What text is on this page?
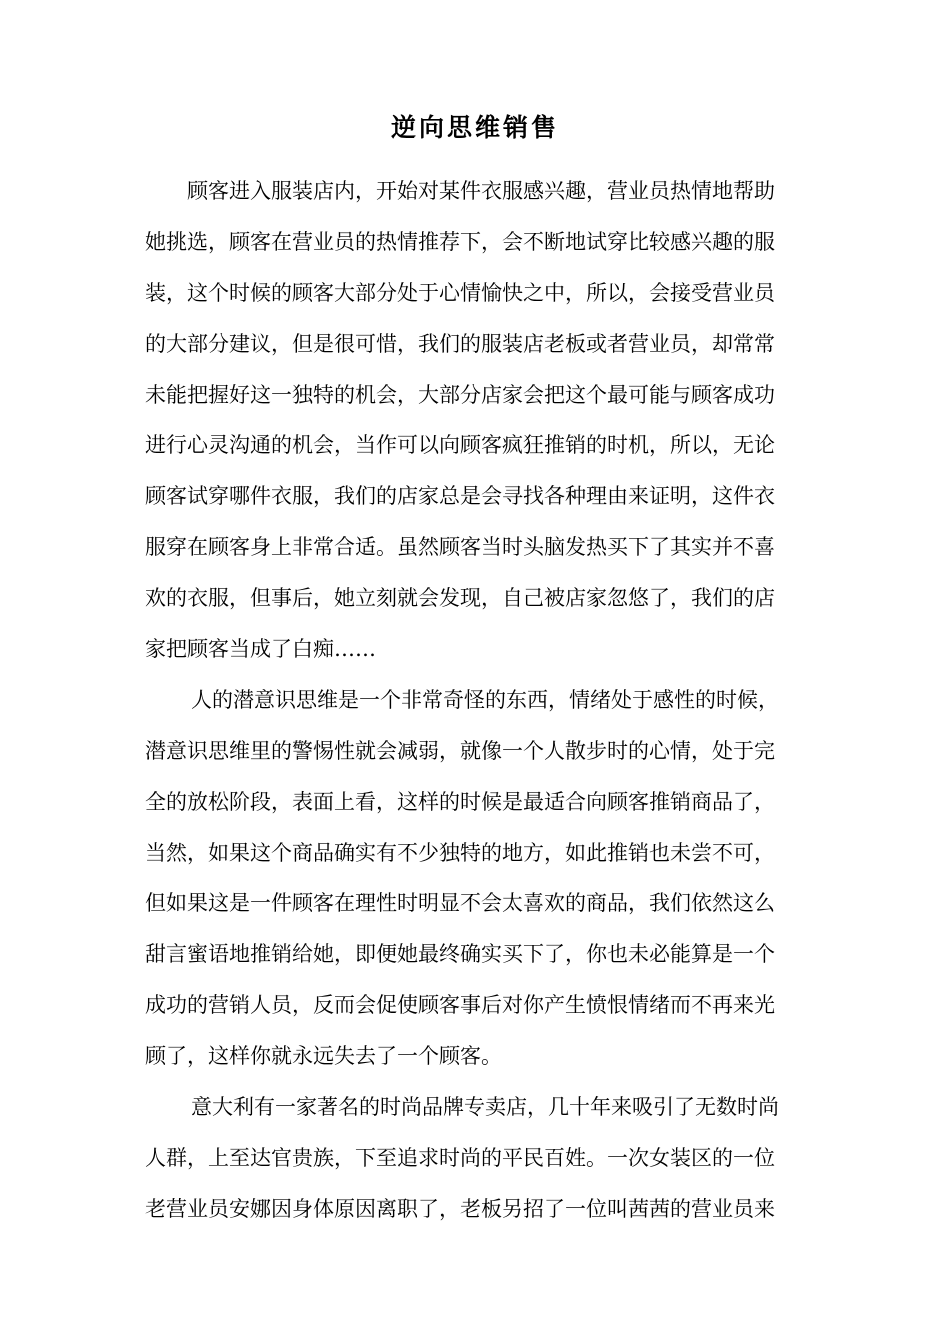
逆向思维销售
顾客进入服装店内，开始对某件衣服感兴趣，营业员热情地帮助
她挑选，顾客在营业员的热情推荐下，会不断地试穿比较感兴趣的服
装，这个时候的顾客大部分处于心情愉快之中，所以，会接受营业员
的大部分建议，但是很可惜，我们的服装店老板或者营业员，却常常
未能把握好这一独特的机会，大部分店家会把这个最可能与顾客成功
进行心灵沟通的机会，当作可以向顾客疯狂推销的时机，所以，无论
顾客试穿哪件衣服，我们的店家总是会寻找各种理由来证明，这件衣
服穿在顾客身上非常合适。虽然顾客当时头脑发热买下了其实并不喜
欢的衣服，但事后，她立刻就会发现，自己被店家忽悠了，我们的店
家把顾客当成了白痴……
人的潜意识思维是一个非常奇怪的东西，情绪处于感性的时候，
潜意识思维里的警惕性就会减弱，就像一个人散步时的心情，处于完
全的放松阶段，表面上看，这样的时候是最适合向顾客推销商品了，
当然，如果这个商品确实有不少独特的地方，如此推销也未尝不可，
但如果这是一件顾客在理性时明显不会太喜欢的商品，我们依然这么
甜言蜜语地推销给她，即便她最终确实买下了，你也未必能算是一个
成功的营销人员，反而会促使顾客事后对你产生愤恨情绪而不再来光
顾了，这样你就永远失去了一个顾客。
意大利有一家著名的时尚品牌专卖店，几十年来吸引了无数时尚
人群，上至达官贵族，下至追求时尚的平民百姓。一次女装区的一位
老营业员安娜因身体原因离职了，老板另招了一位叫茜茜的营业员来
